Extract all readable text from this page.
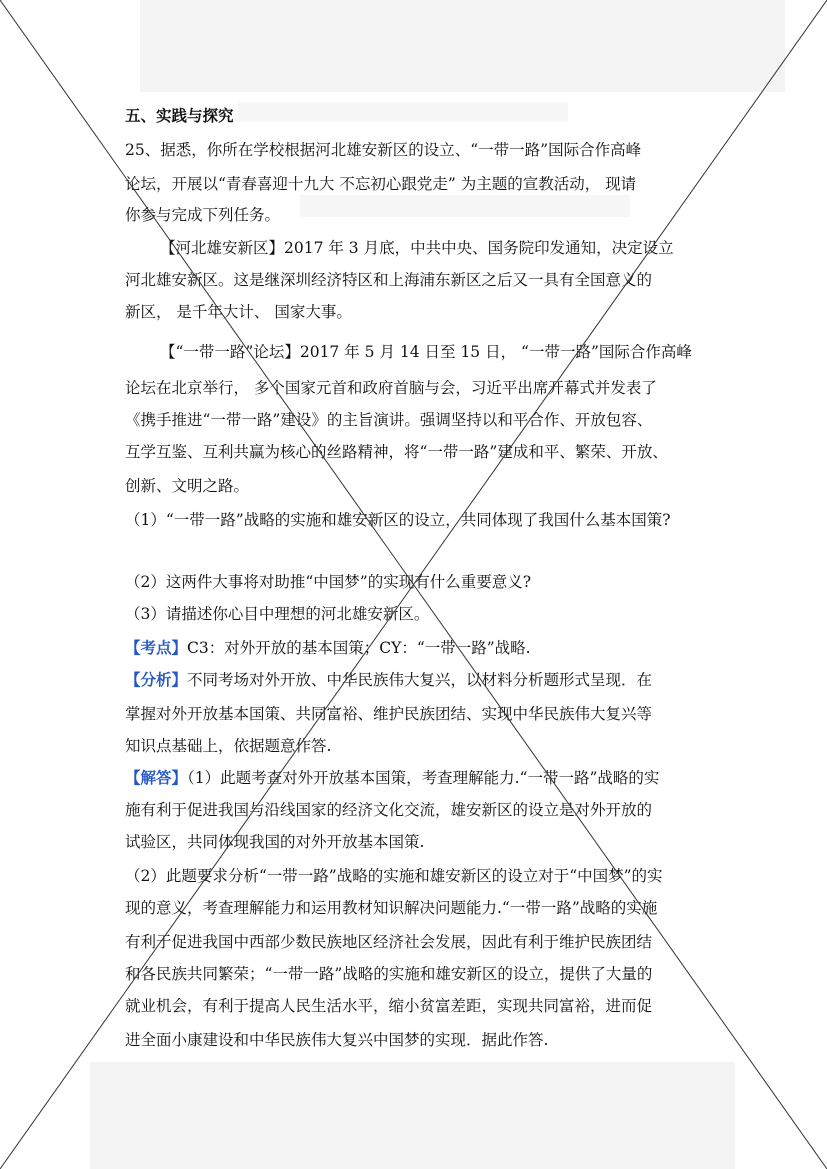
五、实践与探究
25、据悉，你所在学校根据河北雄安新区的设立、“一带一路”国际合作高峰
论坛，开展以“青春喜迎十九大 不忘初心跟党走” 为主题的宣教活动， 现请
你参与完成下列任务。
【河北雄安新区】2017 年 3 月底，中共中央、国务院印发通知，决定设立
河北雄安新区。这是继深圳经济特区和上海浦东新区之后又一具有全国意义的
新区， 是千年大计、 国家大事。
【“一带一路”论坛】2017 年 5 月 14 日至 15 日， “一带一路”国际合作高峰
论坛在北京举行， 多个国家元首和政府首脑与会，习近平出席开幕式并发表了
《携手推进“一带一路”建设》的主旨演讲。强调坚持以和平合作、开放包容、
互学互鉴、互利共赢为核心的丝路精神，将“一带一路”建成和平、繁荣、开放、
创新、文明之路。
（1）“一带一路”战略的实施和雄安新区的设立，共同体现了我国什么基本国策?
（2）这两件大事将对助推“中国梦”的实现有什么重要意义?
（3）请描述你心目中理想的河北雄安新区。
【考点】C3：对外开放的基本国策；CY：“一带一路”战略.
【分析】不同考场对外开放、中华民族伟大复兴，以材料分析题形式呈现．在
掌握对外开放基本国策、共同富裕、维护民族团结、实现中华民族伟大复兴等
知识点基础上，依据题意作答.
【解答】（1）此题考查对外开放基本国策，考查理解能力.“一带一路”战略的实
施有利于促进我国与沿线国家的经济文化交流，雄安新区的设立是对外开放的
试验区，共同体现我国的对外开放基本国策.
（2）此题要求分析“一带一路”战略的实施和雄安新区的设立对于“中国梦”的实
现的意义，考查理解能力和运用教材知识解决问题能力.“一带一路”战略的实施
有利于促进我国中西部少数民族地区经济社会发展，因此有利于维护民族团结
和各民族共同繁荣；“一带一路”战略的实施和雄安新区的设立，提供了大量的
就业机会，有利于提高人民生活水平，缩小贫富差距，实现共同富裕，进而促
进全面小康建设和中华民族伟大复兴中国梦的实现．据此作答.
